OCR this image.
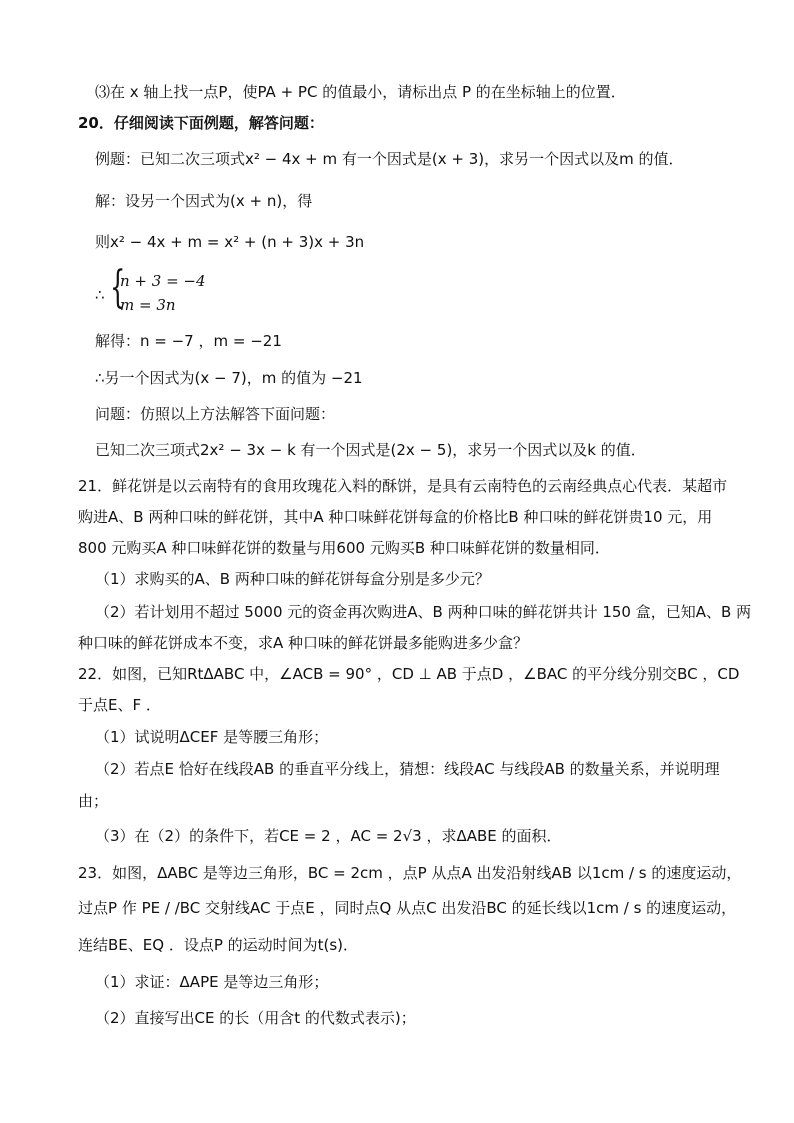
⑶在 x 轴上找一点P，使PA + PC 的值最小，请标出点 P 的在坐标轴上的位置．
20．仔细阅读下面例题，解答问题：
例题：已知二次三项式x² − 4x + m 有一个因式是(x + 3)，求另一个因式以及m 的值．
解：设另一个因式为(x + n)，得
则x² − 4x + m = x² + (n + 3)x + 3n
∴ {
n + 3 = −4
m = 3n
解得：n = −7 ，m = −21
∴另一个因式为(x − 7)，m 的值为 −21
问题：仿照以上方法解答下面问题：
已知二次三项式2x² − 3x − k 有一个因式是(2x − 5)，求另一个因式以及k 的值．
21．鲜花饼是以云南特有的食用玫瑰花入料的酥饼，是具有云南特色的云南经典点心代表．某超市
购进A、B 两种口味的鲜花饼，其中A 种口味鲜花饼每盒的价格比B 种口味的鲜花饼贵10 元，用
800 元购买A 种口味鲜花饼的数量与用600 元购买B 种口味鲜花饼的数量相同．
（1）求购买的A、B 两种口味的鲜花饼每盒分别是多少元？
（2）若计划用不超过 5000 元的资金再次购进A、B 两种口味的鲜花饼共计 150 盒，已知A、B 两
种口味的鲜花饼成本不变，求A 种口味的鲜花饼最多能购进多少盒？
22．如图，已知RtΔABC 中，∠ACB = 90° ，CD ⊥ AB 于点D ，∠BAC 的平分线分别交BC ，CD
于点E、F ．
（1）试说明ΔCEF 是等腰三角形；
（2）若点E 恰好在线段AB 的垂直平分线上，猜想：线段AC 与线段AB 的数量关系，并说明理
由；
（3）在（2）的条件下，若CE = 2 ，AC = 2√3 ，求ΔABE 的面积．
23．如图，ΔABC 是等边三角形，BC = 2cm ，点P 从点A 出发沿射线AB 以1cm / s 的速度运动，
过点P 作 PE / /BC 交射线AC 于点E ，同时点Q 从点C 出发沿BC 的延长线以1cm / s 的速度运动，
连结BE、EQ ．设点P 的运动时间为t(s)．
（1）求证：ΔAPE 是等边三角形；
（2）直接写出CE 的长（用含t 的代数式表示)；
